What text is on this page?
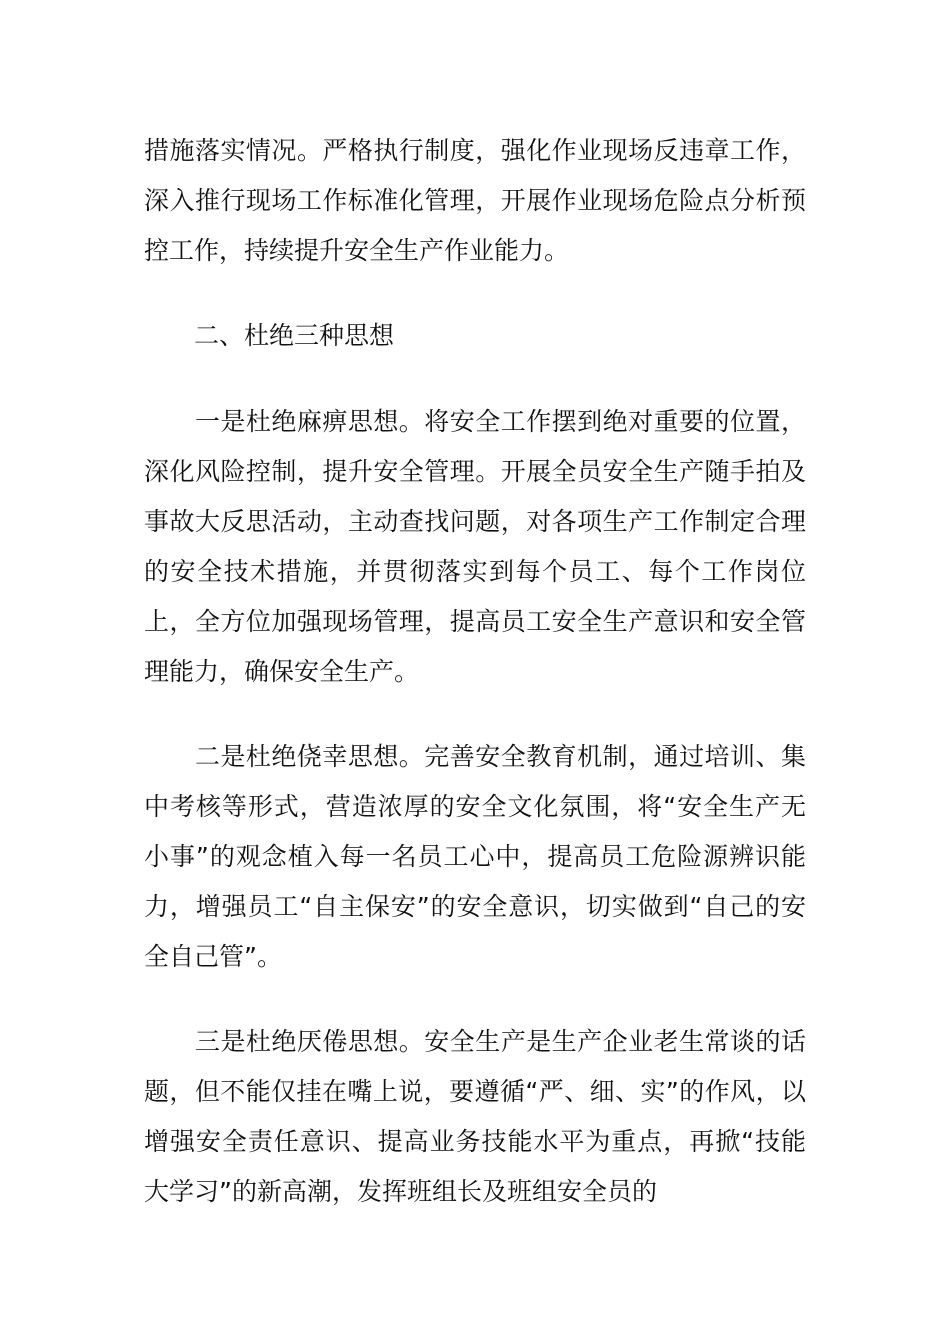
措施落实情况。严格执行制度，强化作业现场反违章工作，深入推行现场工作标准化管理，开展作业现场危险点分析预控工作，持续提升安全生产作业能力。

　　二、杜绝三种思想

　　一是杜绝麻痹思想。将安全工作摆到绝对重要的位置，深化风险控制，提升安全管理。开展全员安全生产随手拍及事故大反思活动，主动查找问题，对各项生产工作制定合理的安全技术措施，并贯彻落实到每个员工、每个工作岗位上，全方位加强现场管理，提高员工安全生产意识和安全管理能力，确保安全生产。

　　二是杜绝侥幸思想。完善安全教育机制，通过培训、集中考核等形式，营造浓厚的安全文化氛围，将“安全生产无小事”的观念植入每一名员工心中，提高员工危险源辨识能力，增强员工“自主保安”的安全意识，切实做到“自己的安全自己管”。

　　三是杜绝厌倦思想。安全生产是生产企业老生常谈的话题，但不能仅挂在嘴上说，要遵循“严、细、实”的作风，以增强安全责任意识、提高业务技能水平为重点，再掀“技能大学习”的新高潮，发挥班组长及班组安全员的
